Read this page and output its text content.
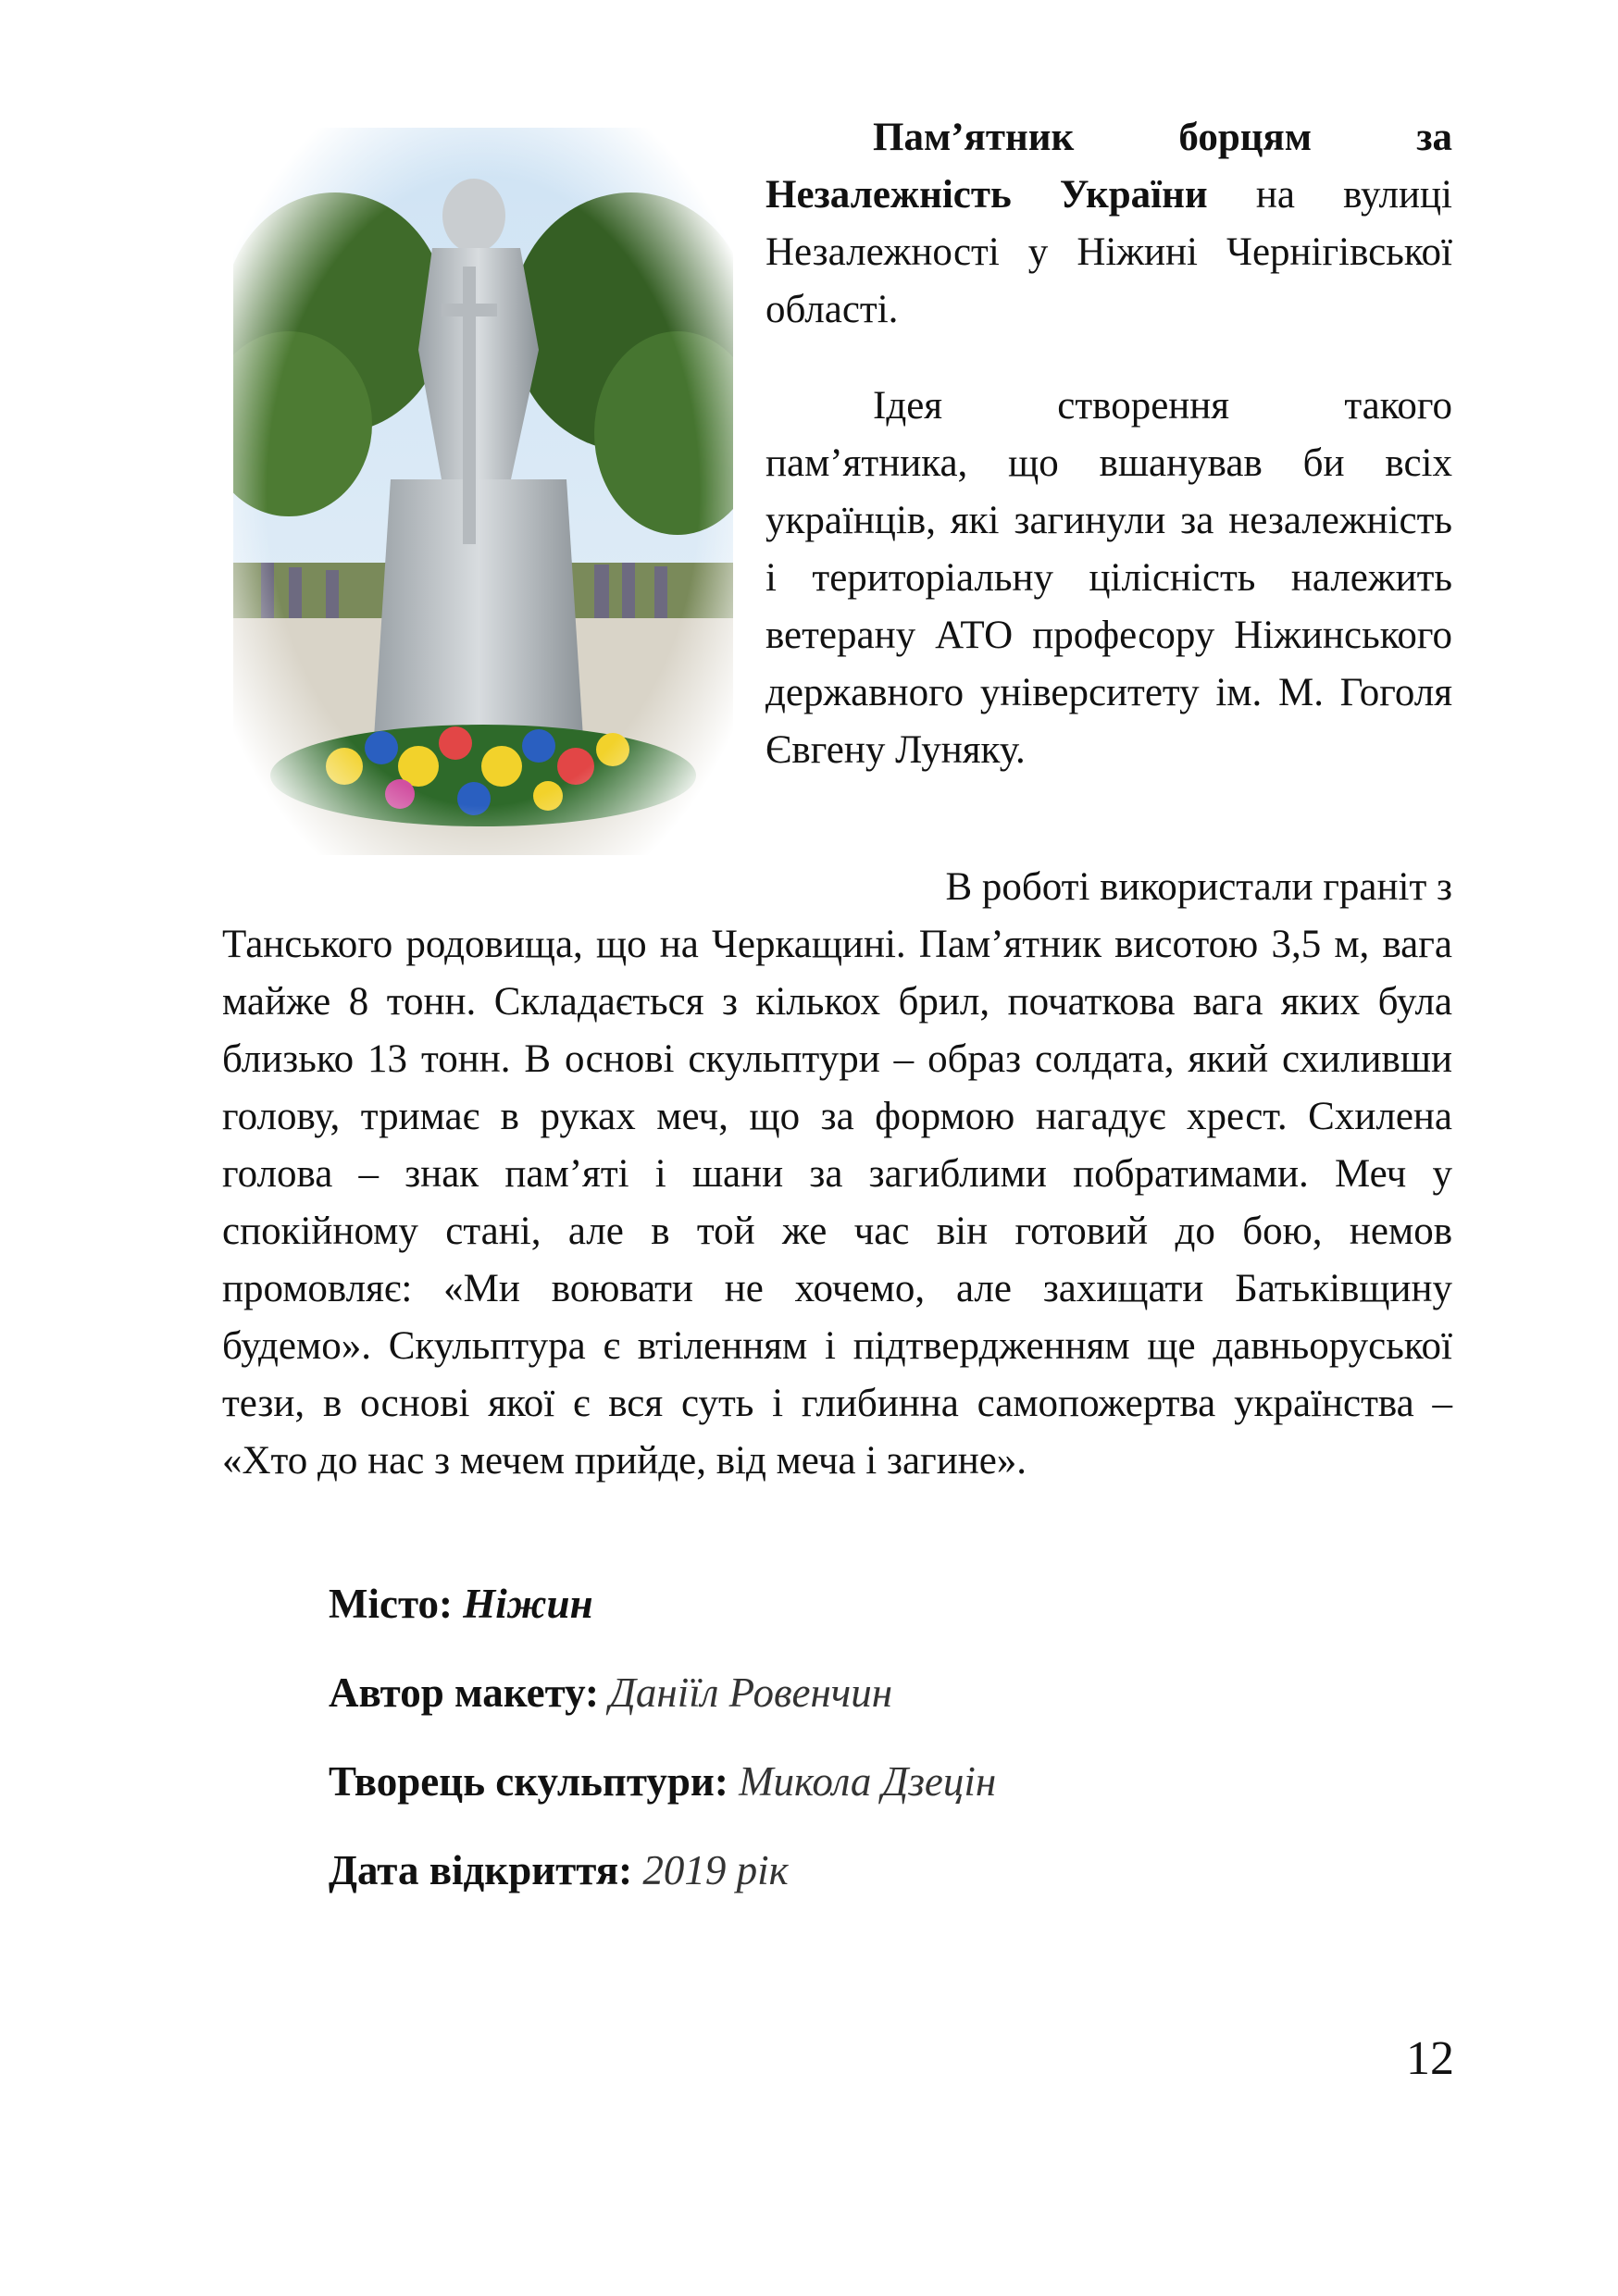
Пам’ятник борцям за Незалежність України на вулиці Незалежності у Ніжині Чернігівської області.

Ідея створення такого пам’ятника, що вшанував би всіх українців, які загинули за незалежність і територіальну цілісність належить ветерану АТО професору Ніжинського державного університету ім. М. Гоголя Євгену Луняку.

В роботі використали граніт з
Танського родовища, що на Черкащині. Пам’ятник висотою 3,5 м, вага майже 8 тонн. Складається з кількох брил, початкова вага яких була близько 13 тонн. В основі скульптури – образ солдата, який схиливши голову, тримає в руках меч, що за формою нагадує хрест. Схилена голова – знак пам’яті і шани за загиблими побратимами. Меч у спокійному стані, але в той же час він готовий до бою, немов промовляє: «Ми воювати не хочемо, але захищати Батьківщину будемо». Скульптура є втіленням і підтвердженням ще давньоруської тези, в основі якої є вся суть і глибинна самопожертва українства – «Хто до нас з мечем прийде, від меча і загине».

Місто: Ніжин
Автор макету: Даніїл Ровенчин
Творець скульптури: Микола Дзецін
Дата відкриття: 2019 рік
12
